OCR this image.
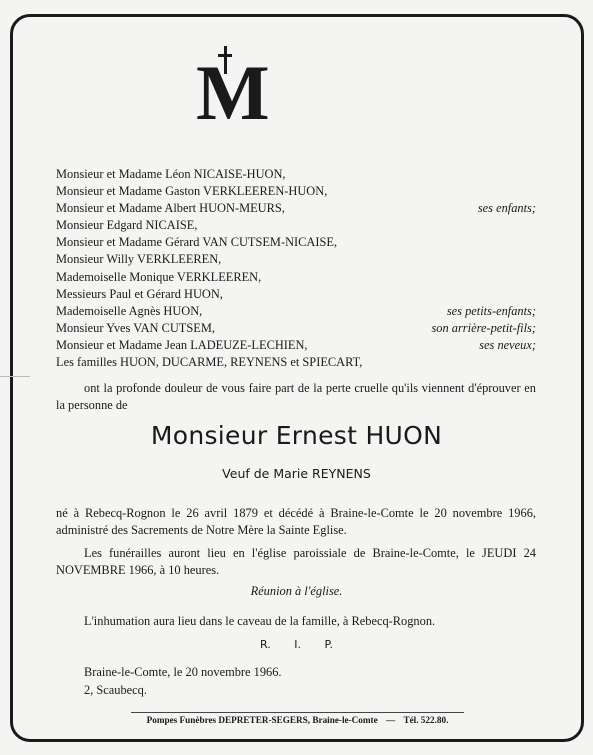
M
Monsieur et Madame Léon NICAISE-HUON,
Monsieur et Madame Gaston VERKLEEREN-HUON,
Monsieur et Madame Albert HUON-MEURS,	ses enfants;
Monsieur Edgard NICAISE,
Monsieur et Madame Gérard VAN CUTSEM-NICAISE,
Monsieur Willy VERKLEEREN,
Mademoiselle Monique VERKLEEREN,
Messieurs Paul et Gérard HUON,
Mademoiselle Agnès HUON,	ses petits-enfants;
Monsieur Yves VAN CUTSEM,	son arrière-petit-fils;
Monsieur et Madame Jean LADEUZE-LECHIEN,	ses neveux;
Les familles HUON, DUCARME, REYNENS et SPIECART,
ont la profonde douleur de vous faire part de la perte cruelle qu'ils viennent d'éprouver en la personne de
Monsieur Ernest HUON
Veuf de Marie REYNENS
né à Rebecq-Rognon le 26 avril 1879 et décédé à Braine-le-Comte le 20 novembre 1966, administré des Sacrements de Notre Mère la Sainte Eglise.
Les funérailles auront lieu en l'église paroissiale de Braine-le-Comte, le JEUDI 24 NOVEMBRE 1966, à 10 heures.
Réunion à l'église.
L'inhumation aura lieu dans le caveau de la famille, à Rebecq-Rognon.
R. I. P.
Braine-le-Comte, le 20 novembre 1966.
2, Scaubecq.
Pompes Funèbres DEPRETER-SEGERS, Braine-le-Comte — Tél. 522.80.
